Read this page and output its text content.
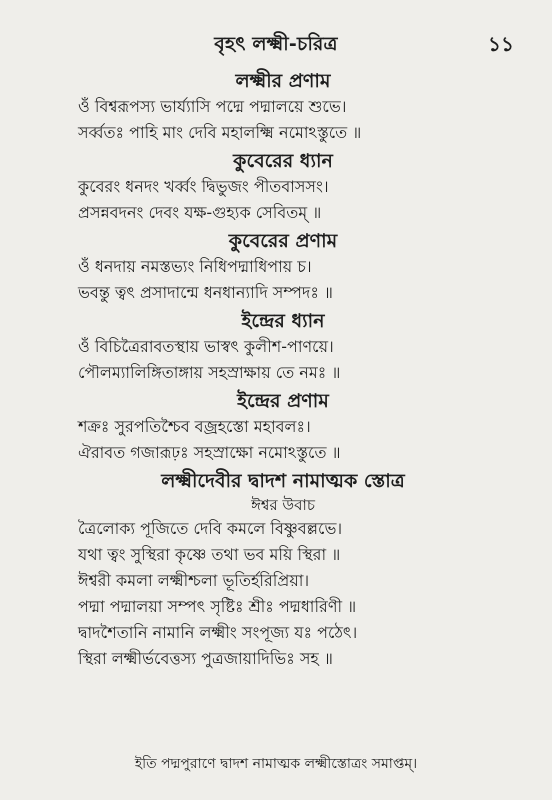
বৃহৎ লক্ষ্মী-চরিত্র	১১
লক্ষ্মীর প্রণাম
ওঁ বিশ্বরূপস্য ভার্য্যাসি পদ্মে পদ্মালয়ে শুভে।
সর্ব্বতঃ পাহি মাং দেবি মহালক্ষ্মি নমোঽস্তুতে ॥
কুবেরের ধ্যান
কুবেরং ধনদং খর্ব্বং দ্বিভুজং পীতবাসসং।
প্রসন্নবদনং দেবং যক্ষ-গুহ্যক সেবিতম্ ॥
কুবেরের প্রণাম
ওঁ ধনদায় নমস্তভ্যং নিধিপদ্মাধিপায় চ।
ভবন্তু ত্বৎ প্রসাদান্মে ধনধান্যাদি সম্পদঃ ॥
ইন্দ্রের ধ্যান
ওঁ বিচিত্রৈরাবতস্থায় ভাস্বৎ কুলীশ-পাণয়ে।
পৌলম্যালিঙ্গিতাঙ্গায় সহস্রাক্ষায় তে নমঃ ॥
ইন্দ্রের প্রণাম
শক্রঃ সুরপতিশ্চৈব বজ্রহস্তো মহাবলঃ।
ঐরাবত গজারূঢ়ঃ সহস্রাক্ষো নমোঽস্তুতে ॥
লক্ষ্মীদেবীর দ্বাদশ নামাত্মক স্তোত্র
ঈশ্বর উবাচ
ত্রৈলোক্য পূজিতে দেবি কমলে বিষ্ণুবল্লভে।
যথা ত্বং সুস্থিরা কৃষ্ণে তথা ভব ময়ি স্থিরা ॥
ঈশ্বরী কমলা লক্ষ্মীশ্চলা ভূতির্হরিপ্রিয়া।
পদ্মা পদ্মালয়া সম্পৎ সৃষ্টিঃ শ্রীঃ পদ্মধারিণী ॥
দ্বাদশৈতানি নামানি লক্ষ্মীং সংপূজ্য যঃ পঠেৎ।
স্থিরা লক্ষ্মীর্ভবেত্তস্য পুত্রজায়াদিভিঃ সহ ॥
ইতি পদ্মপুরাণে দ্বাদশ নামাত্মক লক্ষ্মীস্তোত্রং সমাপ্তম্।
